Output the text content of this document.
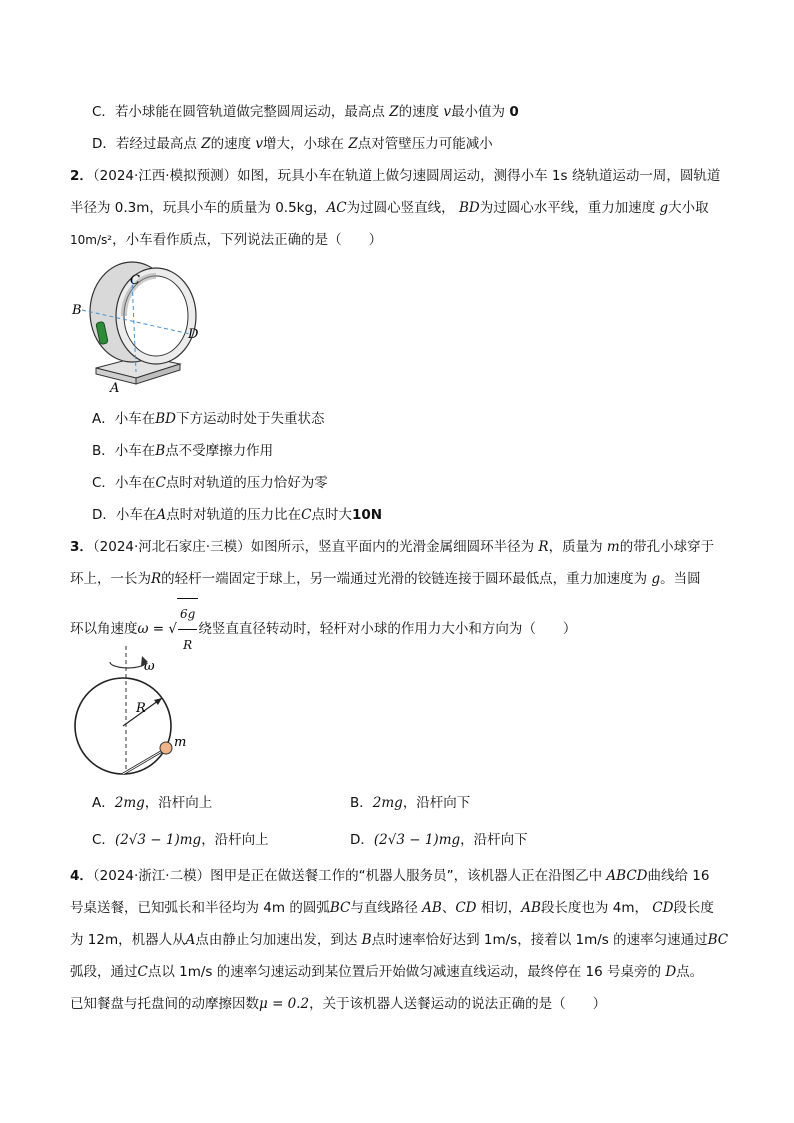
C．若小球能在圆管轨道做完整圆周运动，最高点 Z的速度 v最小值为 0
D．若经过最高点 Z的速度 v增大，小球在 Z点对管壁压力可能减小
2．（2024·江西·模拟预测）如图，玩具小车在轨道上做匀速圆周运动，测得小车 1s 绕轨道运动一周，圆轨道
半径为 0.3m，玩具小车的质量为 0.5kg，AC为过圆心竖直线， BD为过圆心水平线，重力加速度 g大小取
10m/s²，小车看作质点，下列说法正确的是（　　）
C
B
D
A
A．小车在BD下方运动时处于失重状态
B．小车在B点不受摩擦力作用
C．小车在C点时对轨道的压力恰好为零
D．小车在A点时对轨道的压力比在C点时大10N
3．（2024·河北石家庄·三模）如图所示，竖直平面内的光滑金属细圆环半径为 R，质量为 m的带孔小球穿于
环上，一长为R的轻杆一端固定于球上，另一端通过光滑的铰链连接于圆环最低点，重力加速度为 g。当圆
环以角速度ω = √ $\frac{6g}{R}$ 绕竖直直径转动时，轻杆对小球的作用力大小和方向为（　　）
ω
R
m
A．2mg，沿杆向上	B．2mg，沿杆向下
C．(2√3 − 1)mg，沿杆向上	D．(2√3 − 1)mg，沿杆向下
4．（2024·浙江·二模）图甲是正在做送餐工作的“机器人服务员”，该机器人正在沿图乙中 ABCD曲线给 16
号桌送餐，已知弧长和半径均为 4m 的圆弧BC与直线路径 AB、CD 相切，AB段长度也为 4m， CD段长度
为 12m，机器人从A点由静止匀加速出发，到达 B点时速率恰好达到 1m/s，接着以 1m/s 的速率匀速通过BC
弧段，通过C点以 1m/s 的速率匀速运动到某位置后开始做匀减速直线运动，最终停在 16 号桌旁的 D点。
已知餐盘与托盘间的动摩擦因数μ = 0.2，关于该机器人送餐运动的说法正确的是（　　）
